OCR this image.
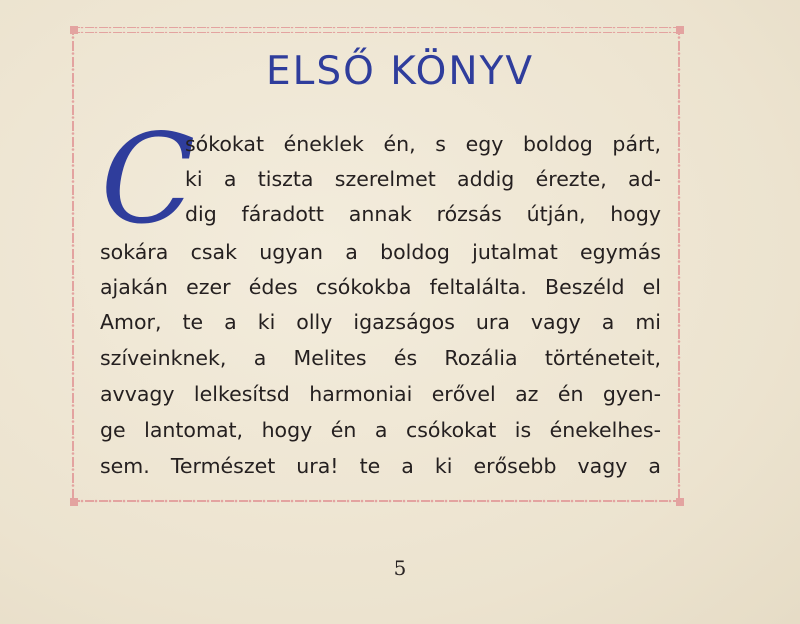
ELSŐ KÖNYV
C
sókokat éneklek én, s egy boldog párt,
ki a tiszta szerelmet addig érezte, ad-
dig fáradott annak rózsás útján, hogy
sokára csak ugyan a boldog jutalmat egymás
ajakán ezer édes csókokba feltalálta. Beszéld el
Amor, te a ki olly igazságos ura vagy a mi
szíveinknek, a Melites és Rozália történeteit,
avvagy lelkesítsd harmoniai erővel az én gyen-
ge lantomat, hogy én a csókokat is énekelhes-
sem. Természet ura! te a ki erősebb vagy a
5
